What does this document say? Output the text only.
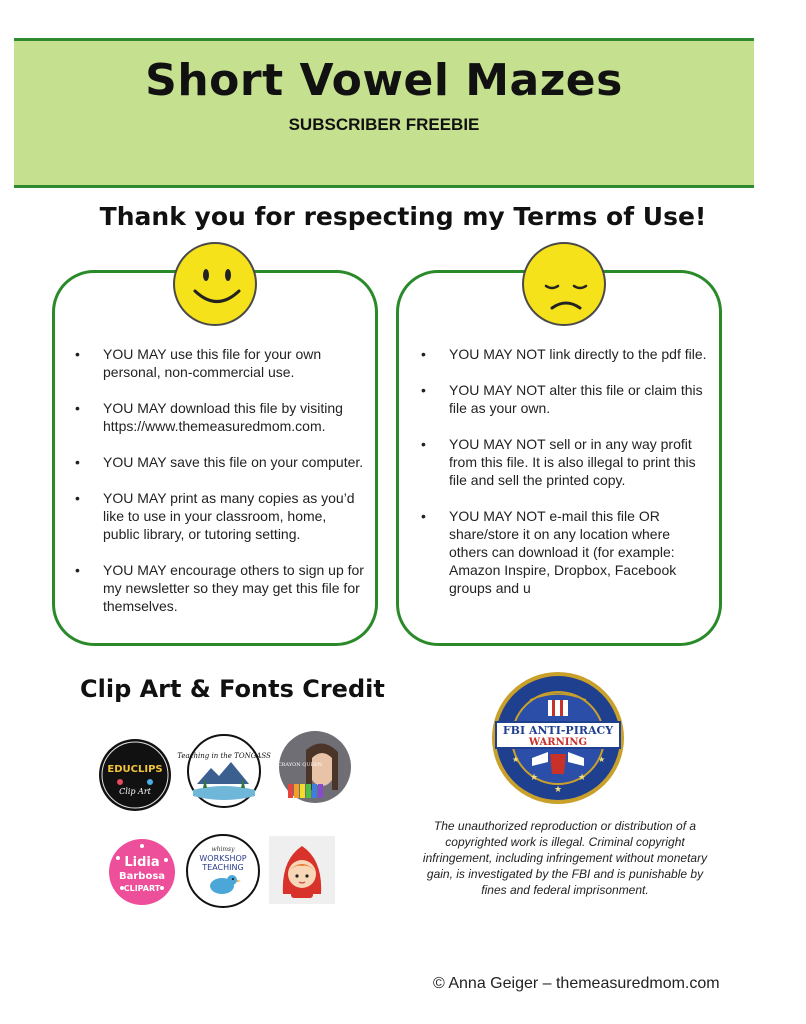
Short Vowel Mazes
SUBSCRIBER FREEBIE
Thank you for respecting my Terms of Use!
• YOU MAY use this file for your own personal, non-commercial use.
• YOU MAY download this file by visiting https://www.themeasuredmom.com.
• YOU MAY save this file on your computer.
• YOU MAY print as many copies as you’d like to use in your classroom, home, public library, or tutoring setting.
• YOU MAY encourage others to sign up for my newsletter so they may get this file for themselves.
• YOU MAY NOT link directly to the pdf file.
• YOU MAY NOT alter this file or claim this file as your own.
• YOU MAY NOT sell or in any way profit from this file. It is also illegal to print this file and sell the printed copy.
• YOU MAY NOT e-mail this file OR share/store it on any location where others can download it (for example: Amazon Inspire, Dropbox, Facebook groups and u
Clip Art & Fonts Credit
EDUCLIPS
Clip Art
Teaching in the TONGASS
CRAYON QUEEN
Lidia
Barbosa
CLIPART
whimsy
WORKSHOP
TEACHING
FBI ANTI-PIRACY
WARNING
★	★
★
★	★
The unauthorized reproduction or distribution of a copyrighted work is illegal. Criminal copyright infringement, including infringement without monetary gain, is investigated by the FBI and is punishable by fines and federal imprisonment.
© Anna Geiger – themeasuredmom.com
